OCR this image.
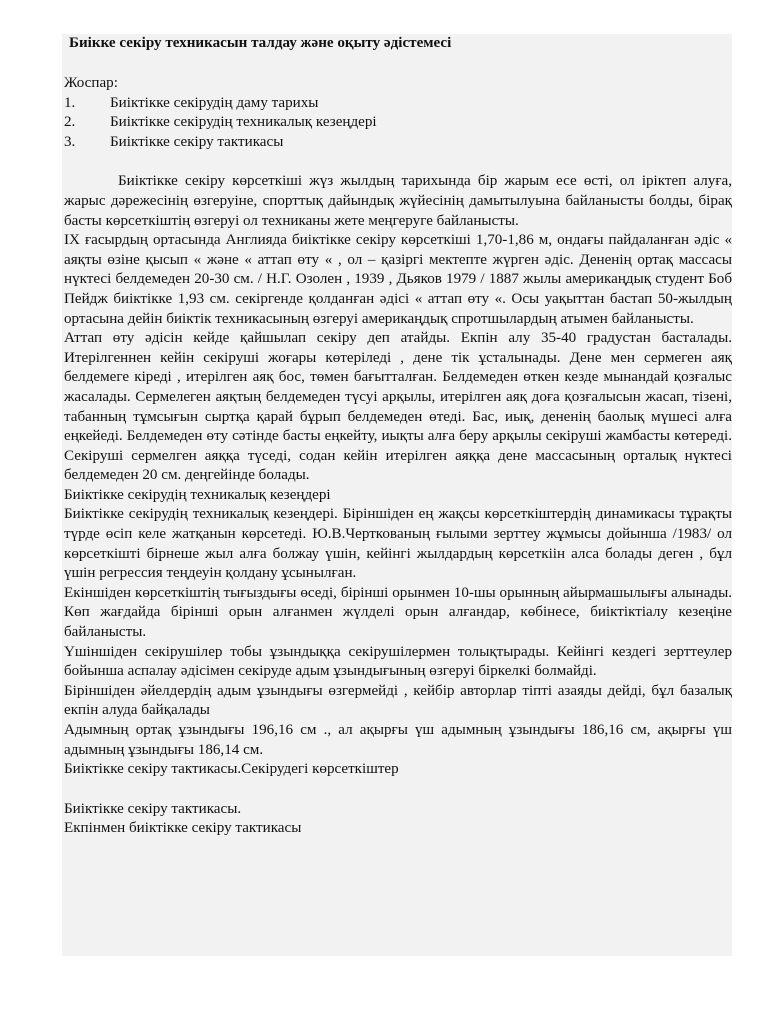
Биікке секіру техникасын талдау және оқыту әдістемесі

Жоспар:

1.	Биіктікке секірудің даму тарихы
2.	Биіктікке секірудің техникалық кезеңдері
3.	Биіктікке секіру тактикасы

Биіктікке секіру көрсеткіші жүз жылдың тарихында бір жарым есе өсті, ол іріктеп алуға, жарыс дәрежесінің өзгеруіне, спорттық дайындық жүйесінің дамытылуына байланысты болды, бірақ басты көрсеткіштің өзгеруі ол техниканы жете меңгеруге байланысты.

IX ғасырдың ортасында Англияда биіктікке секіру көрсеткіші 1,70-1,86 м, ондағы пайдаланған әдіс « аяқты өзіне қысып « және « аттап өту « , ол – қазіргі мектепте жүрген әдіс. Дененің ортақ массасы нүктесі белдемеден 20-30 см. / Н.Г. Озолен , 1939 , Дьяков 1979 / 1887 жылы америкаңдық студент Боб Пейдж биіктікке 1,93 см. секіргенде қолданған әдісі « аттап өту «. Осы уақыттан бастап 50-жылдың ортасына дейін биіктік техникасының өзгеруі америкаңдық спротшылардың атымен байланысты.

Аттап өту әдісін кейде қайшылап секіру деп атайды. Екпін алу 35-40 градустан басталады. Итерілгеннен кейін секіруші жоғары көтеріледі , дене тік ұсталынады. Дене мен сермеген аяқ белдемеге кіреді , итерілген аяқ бос, төмен бағытталған. Белдемеден өткен кезде мынандай қозғалыс жасалады. Сермелеген аяқтың белдемеден түсуі арқылы, итерілген аяқ доға қозғалысын жасап, тізені, табанның тұмсығын сыртқа қарай бұрып белдемеден өтеді. Бас, иық, дененің баолық мүшесі алға еңкейеді. Белдемеден өту сәтінде басты еңкейту, иықты алға беру арқылы секіруші жамбасты көтереді. Секіруші сермелген аяққа түседі, содан кейін итерілген аяққа дене массасының орталық нүктесі белдемеден 20 см. деңгейінде болады.

Биіктікке секірудің техникалық кезеңдері

Биіктікке секірудің техникалық кезеңдері. Біріншіден ең жақсы көрсеткіштердің динамикасы тұрақты түрде өсіп келе жатқанын көрсетеді. Ю.В.Чертковaның ғылыми зерттеу жұмысы дойынша /1983/ ол көрсеткішті бірнеше жыл алға болжау үшін, кейінгі жылдардың көрсеткіін алса болады деген , бұл үшін регрессия теңдеуін қолдану ұсынылған.

Екіншіден көрсеткіштің тығыздығы өседі, бірінші орынмен 10-шы орынның айырмашылығы алынады. Көп жағдайда бірінші орын алғанмен жүлделі орын алғандар, көбінесе, биіктіктіалу кезеңіне байланысты.

Үшіншіден секірушілер тобы ұзындыққа секірушілермен толықтырады. Кейінгі кездегі зерттеулер бойынша аспалау әдісімен секіруде адым ұзындығының өзгеруі біркелкі болмайді.

Біріншіден әйелдердің адым ұзындығы өзгермейді , кейбір авторлар тіпті азаяды дейді, бұл базалық екпін алуда байқалады

Адымның ортақ ұзындығы 196,16 см ., ал ақырғы үш адымның ұзындығы 186,16 см, ақырғы үш адымның ұзындығы 186,14 см.

Биіктікке секіру тактикасы.Секірудегі көрсеткіштер

Биіктікке секіру тактикасы.

Екпінмен биіктікке секіру тактикасы
